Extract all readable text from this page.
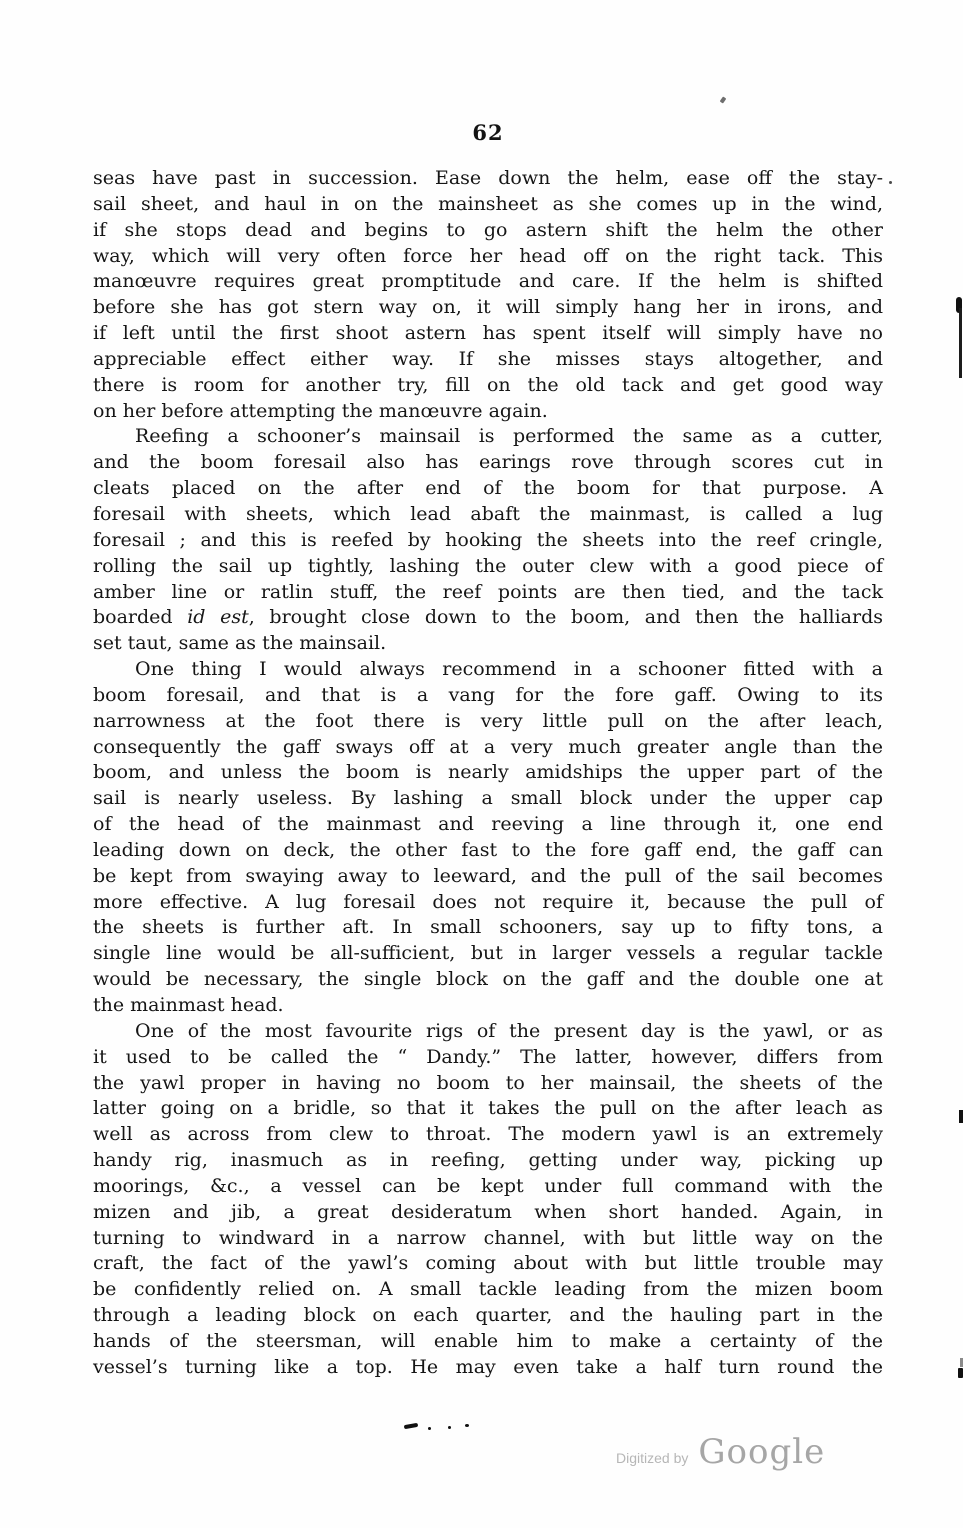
62
seas have past in succession. Ease down the helm, ease off the stay-
sail sheet, and haul in on the mainsheet as she comes up in the wind,
if she stops dead and begins to go astern shift the helm the other
way, which will very often force her head off on the right tack. This
manœuvre requires great promptitude and care. If the helm is shifted
before she has got stern way on, it will simply hang her in irons, and
if left until the first shoot astern has spent itself will simply have no
appreciable effect either way. If she misses stays altogether, and
there is room for another try, fill on the old tack and get good way
on her before attempting the manœuvre again.
Reefing a schooner’s mainsail is performed the same as a cutter,
and the boom foresail also has earings rove through scores cut in
cleats placed on the after end of the boom for that purpose. A
foresail with sheets, which lead abaft the mainmast, is called a lug
foresail ; and this is reefed by hooking the sheets into the reef cringle,
rolling the sail up tightly, lashing the outer clew with a good piece of
amber line or ratlin stuff, the reef points are then tied, and the tack
boarded id est, brought close down to the boom, and then the halliards
set taut, same as the mainsail.
One thing I would always recommend in a schooner fitted with a
boom foresail, and that is a vang for the fore gaff. Owing to its
narrowness at the foot there is very little pull on the after leach,
consequently the gaff sways off at a very much greater angle than the
boom, and unless the boom is nearly amidships the upper part of the
sail is nearly useless. By lashing a small block under the upper cap
of the head of the mainmast and reeving a line through it, one end
leading down on deck, the other fast to the fore gaff end, the gaff can
be kept from swaying away to leeward, and the pull of the sail becomes
more effective. A lug foresail does not require it, because the pull of
the sheets is further aft. In small schooners, say up to fifty tons, a
single line would be all-sufficient, but in larger vessels a regular tackle
would be necessary, the single block on the gaff and the double one at
the mainmast head.
One of the most favourite rigs of the present day is the yawl, or as
it used to be called the “ Dandy.” The latter, however, differs from
the yawl proper in having no boom to her mainsail, the sheets of the
latter going on a bridle, so that it takes the pull on the after leach as
well as across from clew to throat. The modern yawl is an extremely
handy rig, inasmuch as in reefing, getting under way, picking up
moorings, &c., a vessel can be kept under full command with the
mizen and jib, a great desideratum when short handed. Again, in
turning to windward in a narrow channel, with but little way on the
craft, the fact of the yawl’s coming about with but little trouble may
be confidently relied on. A small tackle leading from the mizen boom
through a leading block on each quarter, and the hauling part in the
hands of the steersman, will enable him to make a certainty of the
vessel’s turning like a top. He may even take a half turn round the
Digitized by Google
